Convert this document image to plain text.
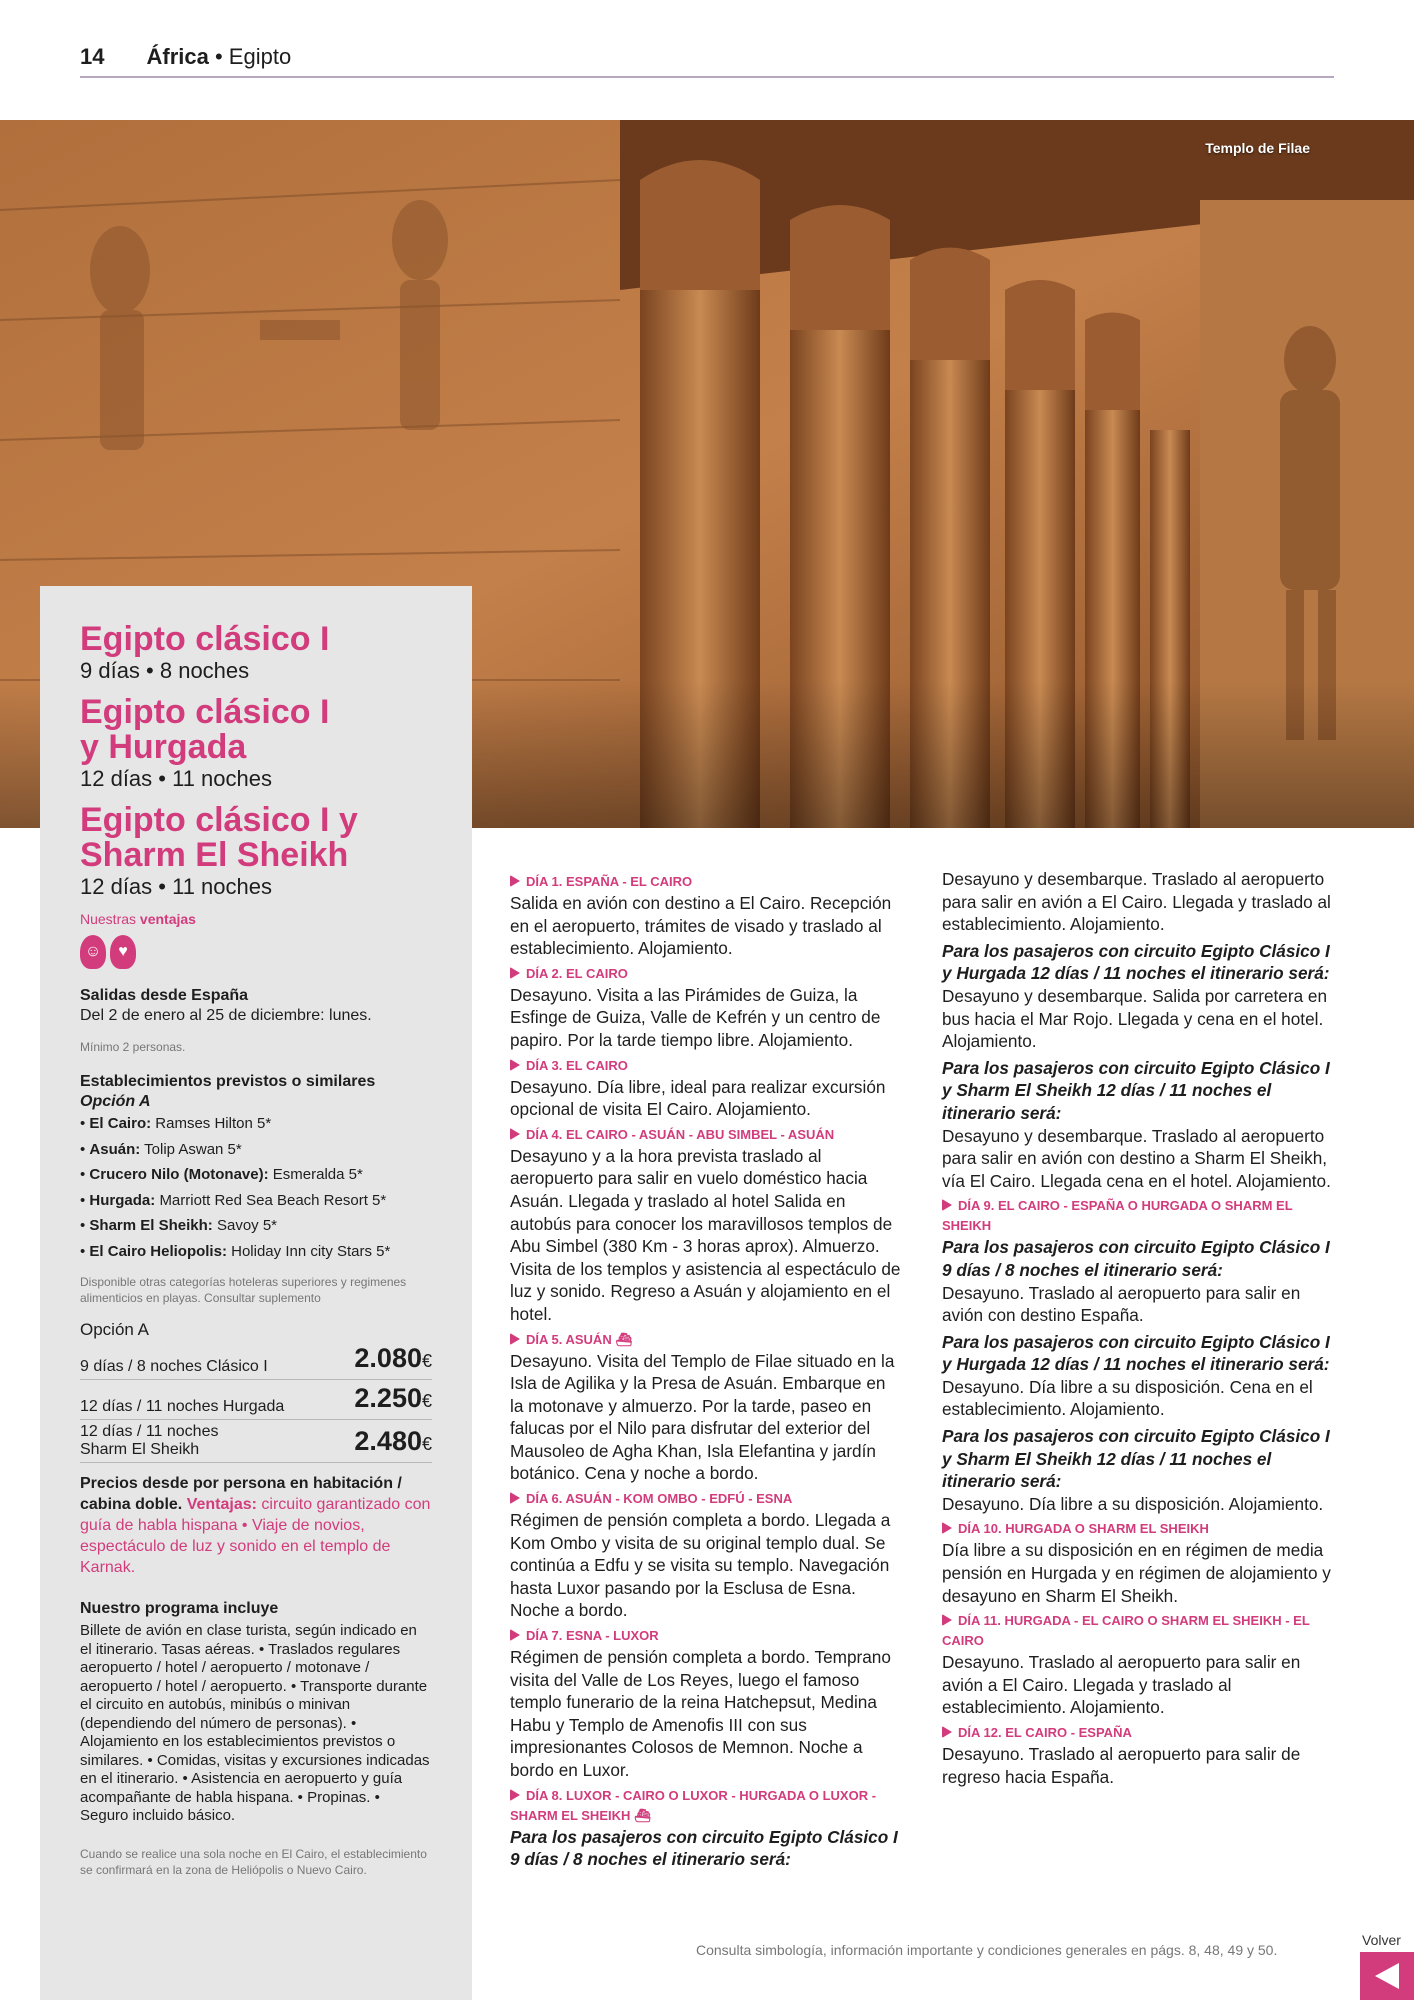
14 África • Egipto
Templo de Filae
Egipto clásico I
9 días • 8 noches
Egipto clásico I y Hurgada
12 días • 11 noches
Egipto clásico I y Sharm El Sheikh
12 días • 11 noches
Nuestras ventajas
☺	♥
Salidas desde España
Del 2 de enero al 25 de diciembre: lunes.
Mínimo 2 personas.
Establecimientos previstos o similares
Opción A
• El Cairo: Ramses Hilton 5*
• Asuán: Tolip Aswan 5*
• Crucero Nilo (Motonave): Esmeralda 5*
• Hurgada: Marriott Red Sea Beach Resort 5*
• Sharm El Sheikh: Savoy 5*
• El Cairo Heliopolis: Holiday Inn city Stars 5*
Disponible otras categorías hoteleras superiores y regimenes alimenticios en playas. Consultar suplemento
Opción A
9 días / 8 noches Clásico I	2.080€
12 días / 11 noches Hurgada	2.250€
12 días / 11 noches Sharm El Sheikh	2.480€
Precios desde por persona en habitación / cabina doble. Ventajas: circuito garantizado con guía de habla hispana • Viaje de novios, espectáculo de luz y sonido en el templo de Karnak.
Nuestro programa incluye
Billete de avión en clase turista, según indicado en el itinerario. Tasas aéreas. • Traslados regulares aeropuerto / hotel / aeropuerto / motonave / aeropuerto / hotel / aeropuerto. • Transporte durante el circuito en autobús, minibús o minivan (dependiendo del número de personas). • Alojamiento en los establecimientos previstos o similares. • Comidas, visitas y excursiones indicadas en el itinerario. • Asistencia en aeropuerto y guía acompañante de habla hispana. • Propinas. • Seguro incluido básico.
Cuando se realice una sola noche en El Cairo, el establecimiento se confirmará en la zona de Heliópolis o Nuevo Cairo.
DÍA 1. ESPAÑA - EL CAIRO
Salida en avión con destino a El Cairo. Recepción en el aeropuerto, trámites de visado y traslado al establecimiento. Alojamiento.
DÍA 2. EL CAIRO
Desayuno. Visita a las Pirámides de Guiza, la Esfinge de Guiza, Valle de Kefrén y un centro de papiro. Por la tarde tiempo libre. Alojamiento.
DÍA 3. EL CAIRO
Desayuno. Día libre, ideal para realizar excursión opcional de visita El Cairo. Alojamiento.
DÍA 4. EL CAIRO - ASUÁN - ABU SIMBEL - ASUÁN
Desayuno y a la hora prevista traslado al aeropuerto para salir en vuelo doméstico hacia Asuán. Llegada y traslado al hotel Salida en autobús para conocer los maravillosos templos de Abu Simbel (380 Km - 3 horas aprox). Almuerzo. Visita de los templos y asistencia al espectáculo de luz y sonido. Regreso a Asuán y alojamiento en el hotel.
DÍA 5. ASUÁN ⛴
Desayuno. Visita del Templo de Filae situado en la Isla de Agilika y la Presa de Asuán. Embarque en la motonave y almuerzo. Por la tarde, paseo en falucas por el Nilo para disfrutar del exterior del Mausoleo de Agha Khan, Isla Elefantina y jardín botánico. Cena y noche a bordo.
DÍA 6. ASUÁN - KOM OMBO - EDFÚ - ESNA
Régimen de pensión completa a bordo. Llegada a Kom Ombo y visita de su original templo dual. Se continúa a Edfu y se visita su templo. Navegación hasta Luxor pasando por la Esclusa de Esna. Noche a bordo.
DÍA 7. ESNA - LUXOR
Régimen de pensión completa a bordo. Temprano visita del Valle de Los Reyes, luego el famoso templo funerario de la reina Hatchepsut, Medina Habu y Templo de Amenofis III con sus impresionantes Colosos de Memnon. Noche a bordo en Luxor.
DÍA 8. LUXOR - CAIRO O LUXOR - HURGADA O LUXOR - SHARM EL SHEIKH ⛴
Para los pasajeros con circuito Egipto Clásico I 9 días / 8 noches el itinerario será:
Desayuno y desembarque. Traslado al aeropuerto para salir en avión a El Cairo. Llegada y traslado al establecimiento. Alojamiento.
Para los pasajeros con circuito Egipto Clásico I y Hurgada 12 días / 11 noches el itinerario será:
Desayuno y desembarque. Salida por carretera en bus hacia el Mar Rojo. Llegada y cena en el hotel. Alojamiento.
Para los pasajeros con circuito Egipto Clásico I y Sharm El Sheikh 12 días / 11 noches el itinerario será:
Desayuno y desembarque. Traslado al aeropuerto para salir en avión con destino a Sharm El Sheikh, vía El Cairo. Llegada cena en el hotel. Alojamiento.
DÍA 9. EL CAIRO - ESPAÑA O HURGADA O SHARM EL SHEIKH
Para los pasajeros con circuito Egipto Clásico I 9 días / 8 noches el itinerario será:
Desayuno. Traslado al aeropuerto para salir en avión con destino España.
Para los pasajeros con circuito Egipto Clásico I y Hurgada 12 días / 11 noches el itinerario será:
Desayuno. Día libre a su disposición. Cena en el establecimiento. Alojamiento.
Para los pasajeros con circuito Egipto Clásico I y Sharm El Sheikh 12 días / 11 noches el itinerario será:
Desayuno. Día libre a su disposición. Alojamiento.
DÍA 10. HURGADA O SHARM EL SHEIKH
Día libre a su disposición en en régimen de media pensión en Hurgada y en régimen de alojamiento y desayuno en Sharm El Sheikh.
DÍA 11. HURGADA - EL CAIRO O SHARM EL SHEIKH - EL CAIRO
Desayuno. Traslado al aeropuerto para salir en avión a El Cairo. Llegada y traslado al establecimiento. Alojamiento.
DÍA 12. EL CAIRO - ESPAÑA
Desayuno. Traslado al aeropuerto para salir de regreso hacia España.
Consulta simbología, información importante y condiciones generales en págs. 8, 48, 49 y 50.
Volver
